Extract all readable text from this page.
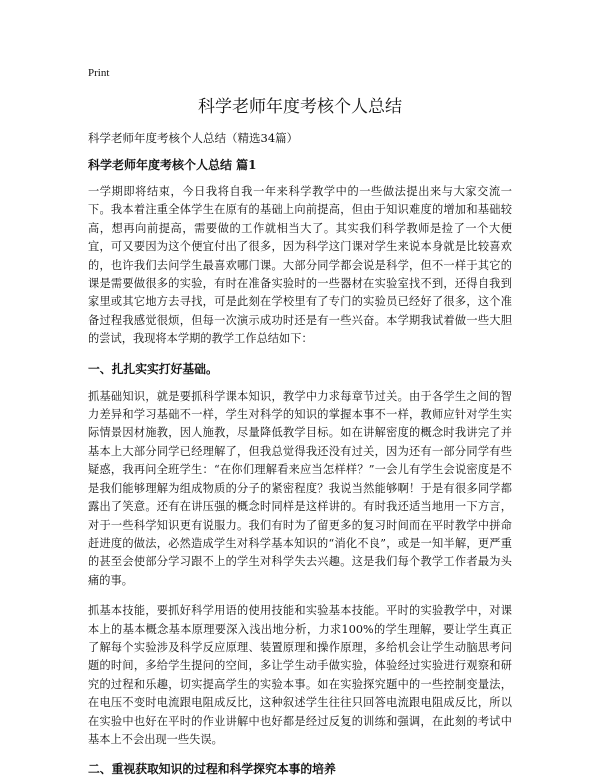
Print
科学老师年度考核个人总结
科学老师年度考核个人总结（精选34篇）
科学老师年度考核个人总结 篇1

一学期即将结束，今日我将自我一年来科学教学中的一些做法提出来与大家交流一下。我本着注重全体学生在原有的基础上向前提高，但由于知识难度的增加和基础较高，想再向前提高，需要做的工作就相当大了。其实我们科学教师是捡了一个大便宜，可又要因为这个便宜付出了很多，因为科学这门课对学生来说本身就是比较喜欢的，也许我们去问学生最喜欢哪门课。大部分同学都会说是科学，但不一样于其它的课是需要做很多的实验，有时在准备实验时的一些器材在实验室找不到，还得自我到家里或其它地方去寻找，可是此刻在学校里有了专门的实验员已经好了很多，这个准备过程我感觉很烦，但每一次演示成功时还是有一些兴奋。本学期我试着做一些大胆的尝试，我现将本学期的教学工作总结如下：

一、扎扎实实打好基础。

抓基础知识，就是要抓科学课本知识，教学中力求每章节过关。由于各学生之间的智力差异和学习基础不一样，学生对科学的知识的掌握本事不一样，教师应针对学生实际情景因材施教，因人施教，尽量降低教学目标。如在讲解密度的概念时我讲完了并基本上大部分同学已经理解了，但我总觉得我还没有过关，因为还有一部分同学有些疑惑，我再问全班学生：“在你们理解看来应当怎样样？”一会儿有学生会说密度是不是我们能够理解为组成物质的分子的紧密程度？我说当然能够啊！于是有很多同学都露出了笑意。还有在讲压强的概念时同样是这样讲的。有时我还适当地用一下方言，对于一些科学知识更有说服力。我们有时为了留更多的复习时间而在平时教学中拼命赶进度的做法，必然造成学生对科学基本知识的“消化不良”，或是一知半解，更严重的甚至会使部分学习跟不上的学生对科学失去兴趣。这是我们每个教学工作者最为头痛的事。

抓基本技能，要抓好科学用语的使用技能和实验基本技能。平时的实验教学中，对课本上的基本概念基本原理要深入浅出地分析，力求100%的学生理解，要让学生真正了解每个实验涉及科学反应原理、装置原理和操作原理，多给机会让学生动脑思考问题的时间，多给学生提问的空间，多让学生动手做实验，体验经过实验进行观察和研究的过程和乐趣，切实提高学生的实验本事。如在实验探究题中的一些控制变量法，在电压不变时电流跟电阻成反比，这种叙述学生往往只回答电流跟电阻成反比，所以在实验中也好在平时的作业讲解中也好都是经过反复的训练和强调，在此刻的考试中基本上不会出现一些失误。

二、重视获取知识的过程和科学探究本事的培养
